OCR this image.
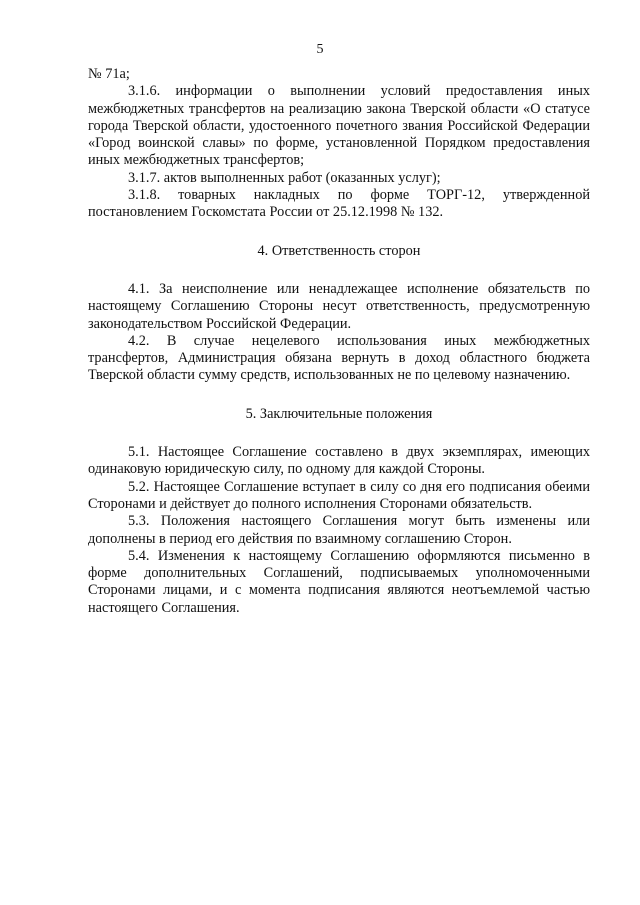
5

№ 71а;

3.1.6. информации о выполнении условий предоставления иных межбюджетных трансфертов на реализацию закона Тверской области «О статусе города Тверской области, удостоенного почетного звания Российской Федерации «Город воинской славы» по форме, установленной Порядком предоставления иных межбюджетных трансфертов;

3.1.7. актов выполненных работ (оказанных услуг);

3.1.8. товарных накладных по форме ТОРГ-12, утвержденной постановлением Госкомстата России от 25.12.1998 № 132.

4. Ответственность сторон

4.1. За неисполнение или ненадлежащее исполнение обязательств по настоящему Соглашению Стороны несут ответственность, предусмотренную законодательством Российской Федерации.

4.2. В случае нецелевого использования иных межбюджетных трансфертов, Администрация обязана вернуть в доход областного бюджета Тверской области сумму средств, использованных не по целевому назначению.

5. Заключительные положения

5.1. Настоящее Соглашение составлено в двух экземплярах, имеющих одинаковую юридическую силу, по одному для каждой Стороны.

5.2. Настоящее Соглашение вступает в силу со дня его подписания обеими Сторонами и действует до полного исполнения Сторонами обязательств.

5.3. Положения настоящего Соглашения могут быть изменены или дополнены в период его действия по взаимному соглашению Сторон.

5.4. Изменения к настоящему Соглашению оформляются письменно в форме дополнительных Соглашений, подписываемых уполномоченными Сторонами лицами, и с момента подписания являются неотъемлемой частью настоящего Соглашения.
